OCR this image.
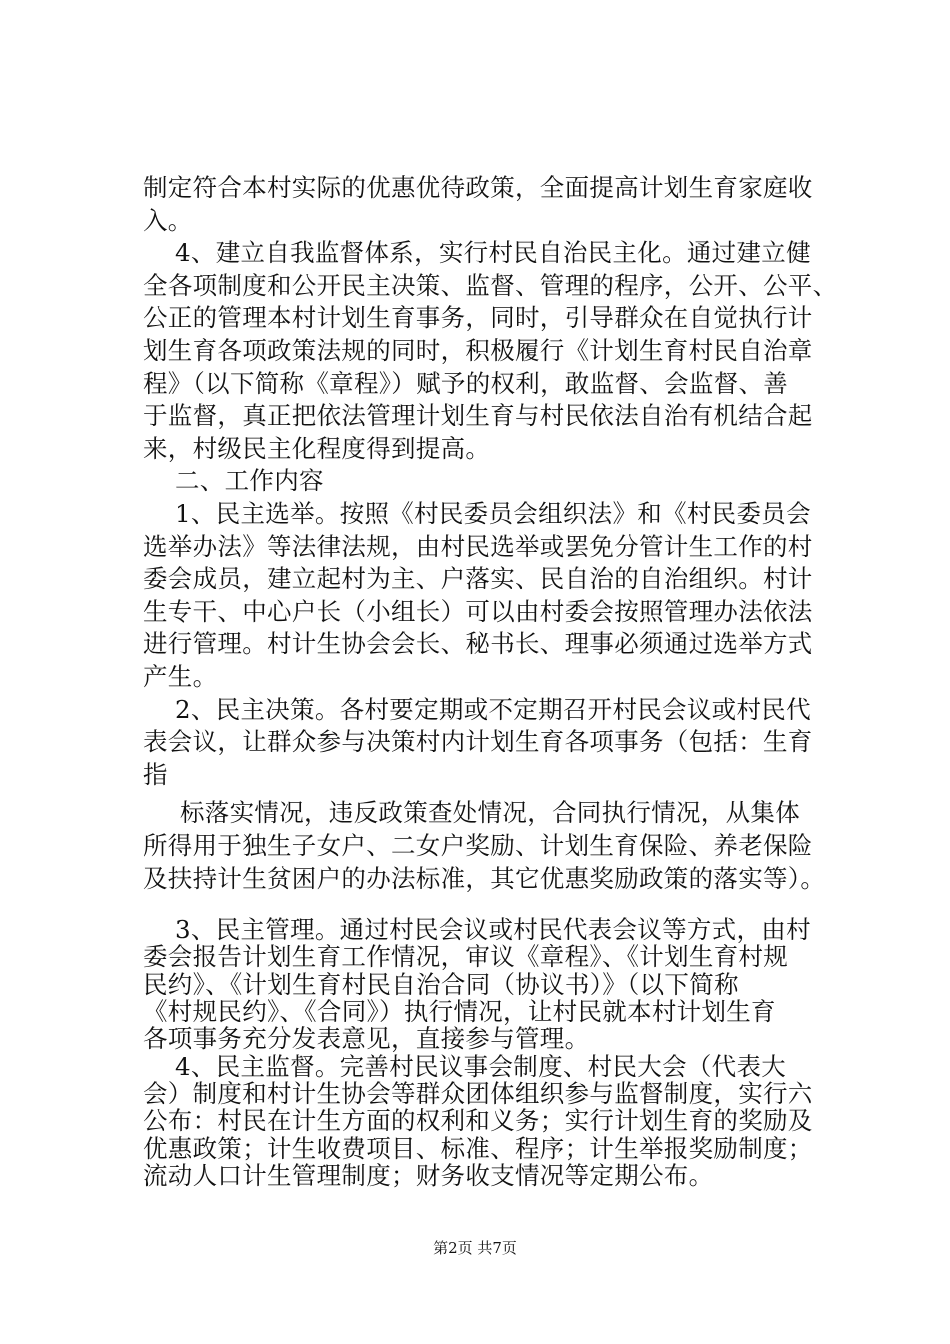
制定符合本村实际的优惠优待政策，全面提高计划生育家庭收
入。
4、建立自我监督体系，实行村民自治民主化。通过建立健
全各项制度和公开民主决策、监督、管理的程序，公开、公平、
公正的管理本村计划生育事务，同时，引导群众在自觉执行计
划生育各项政策法规的同时，积极履行《计划生育村民自治章
程》（以下简称《章程》）赋予的权利，敢监督、会监督、善
于监督，真正把依法管理计划生育与村民依法自治有机结合起
来，村级民主化程度得到提高。
二、工作内容
1、民主选举。按照《村民委员会组织法》和《村民委员会
选举办法》等法律法规，由村民选举或罢免分管计生工作的村
委会成员，建立起村为主、户落实、民自治的自治组织。村计
生专干、中心户长（小组长）可以由村委会按照管理办法依法
进行管理。村计生协会会长、秘书长、理事必须通过选举方式
产生。
2、民主决策。各村要定期或不定期召开村民会议或村民代
表会议，让群众参与决策村内计划生育各项事务（包括：生育
指
标落实情况，违反政策查处情况，合同执行情况，从集体
所得用于独生子女户、二女户奖励、计划生育保险、养老保险
及扶持计生贫困户的办法标准，其它优惠奖励政策的落实等）。
3、民主管理。通过村民会议或村民代表会议等方式，由村
委会报告计划生育工作情况，审议《章程》、《计划生育村规
民约》、《计划生育村民自治合同（协议书）》（以下简称
《村规民约》、《合同》）执行情况，让村民就本村计划生育
各项事务充分发表意见，直接参与管理。
4、民主监督。完善村民议事会制度、村民大会（代表大
会）制度和村计生协会等群众团体组织参与监督制度，实行六
公布：村民在计生方面的权利和义务；实行计划生育的奖励及
优惠政策；计生收费项目、标准、程序；计生举报奖励制度；
流动人口计生管理制度；财务收支情况等定期公布。
第2页 共7页
